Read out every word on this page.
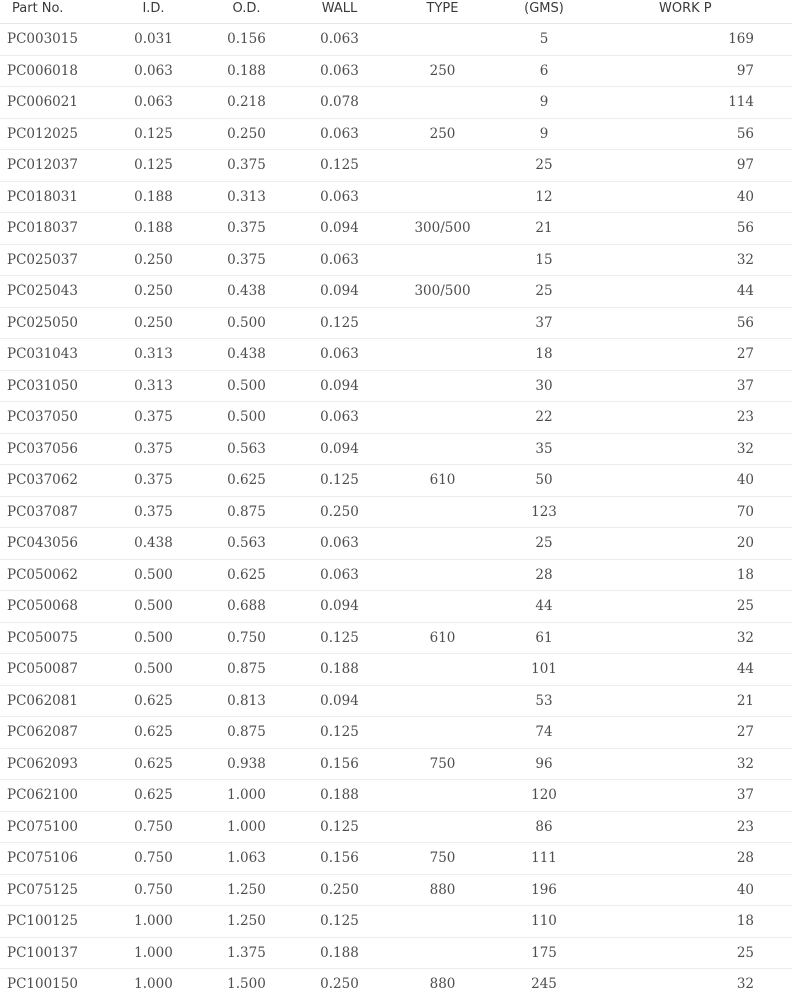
Part No.	I.D.	O.D.	WALL	TYPE	(GMS)	WORK P
PC003015	0.031	0.156	0.063		5	169
PC006018	0.063	0.188	0.063	250	6	97
PC006021	0.063	0.218	0.078		9	114
PC012025	0.125	0.250	0.063	250	9	56
PC012037	0.125	0.375	0.125		25	97
PC018031	0.188	0.313	0.063		12	40
PC018037	0.188	0.375	0.094	300/500	21	56
PC025037	0.250	0.375	0.063		15	32
PC025043	0.250	0.438	0.094	300/500	25	44
PC025050	0.250	0.500	0.125		37	56
PC031043	0.313	0.438	0.063		18	27
PC031050	0.313	0.500	0.094		30	37
PC037050	0.375	0.500	0.063		22	23
PC037056	0.375	0.563	0.094		35	32
PC037062	0.375	0.625	0.125	610	50	40
PC037087	0.375	0.875	0.250		123	70
PC043056	0.438	0.563	0.063		25	20
PC050062	0.500	0.625	0.063		28	18
PC050068	0.500	0.688	0.094		44	25
PC050075	0.500	0.750	0.125	610	61	32
PC050087	0.500	0.875	0.188		101	44
PC062081	0.625	0.813	0.094		53	21
PC062087	0.625	0.875	0.125		74	27
PC062093	0.625	0.938	0.156	750	96	32
PC062100	0.625	1.000	0.188		120	37
PC075100	0.750	1.000	0.125		86	23
PC075106	0.750	1.063	0.156	750	111	28
PC075125	0.750	1.250	0.250	880	196	40
PC100125	1.000	1.250	0.125		110	18
PC100137	1.000	1.375	0.188		175	25
PC100150	1.000	1.500	0.250	880	245	32
